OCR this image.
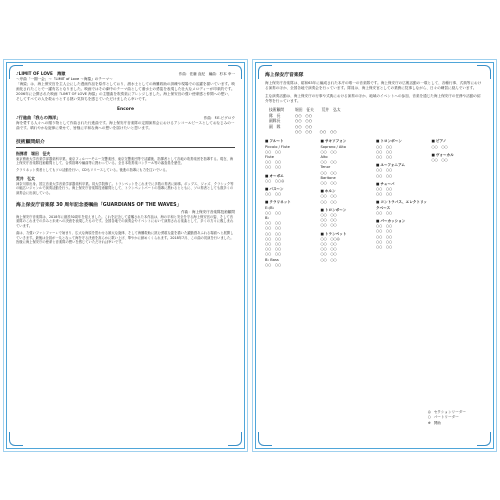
♪LIMIT OF LOVE　海猿	作曲：佐藤 直紀　編曲：杉本 幸一
～序曲「一期一会」～『LIMIT of Love ～海猿』のテーマ～
「海猿」は、海上保安官を主人公にした漫画作品を原作としており、潜水士としての海難救助の訓練や現場での活躍を描いています。映画化されたことで一躍有名となりました。映画ではその劇中のテーマ曲として潜水士の勇姿を表現した壮大なメロディーが印象的です。2006年に公開された映画『LIMIT OF LOVE 海猿』の主題曲を吹奏楽にアレンジしました。海上保安官の強い使命感と仲間への想い、そしてすべての人を救おうとする熱い気持ちを感じていただけましたら幸いです。
Encore
♪行進曲「我らの海洋」	作曲：F.E.ビグロウ
海を愛する人々への贈り物として作曲された行進曲です。海上保安庁音楽隊の定期演奏会におけるアンコールピースとしておなじみの一曲です。晴れやかな旋律に乗せて、皆様に平和な海への想いを届けたいと思います。
技術顧問紹介
指揮者　堀田　征夫
東京藝術大学音楽学部器楽科卒業。東京フィルハーモニー交響楽団、東京交響楽団等で活躍後、指揮者として各地の吹奏楽団を指導する。現在、海上保安庁音楽隊技術顧問として、合奏指導や編曲等に携わっている。全日本吹奏楽コンクール等の審査員を歴任。
クラリネット奏者としてもソロ活動を行い、CDもリリースしている。後進の指導にも力を注いでいる。
荒井　弘太
神奈川県出身。国立音楽大学音楽学部器楽科卒業。同大学院修了。トランペットをこれまでに多数の奏者に師事。ポップス、ジャズ、クラシック等の幅広いジャンルで演奏活動を行う。海上保安庁音楽隊技術顧問として、トランペットパートの指導に携わるとともに、ソロ奏者としても数多くの演奏会に出演している。
海上保安庁音楽隊 30 周年記念委嘱曲「GUARDIANS OF THE WAVES」
作曲：海上保安庁音楽隊技術顧問
海上保安庁音楽隊は、2018年に創設30周年を迎えました。これを記念して委嘱された本作品は、海の平和と安全を守る海上保安官の姿、そして音楽隊のこれまでの歩みと未来への決意を表現したものです。全国各地での演奏会やイベントにおいて演奏される楽曲として、多くの方々に親しまれています。
曲は、力強いファンファーレで始まり、広大な海原を思わせる雄大な旋律、そして海難救助に挑む勇敢な姿を描いた躍動感あふれる場面へと展開していきます。最後は全員が一丸となって海を守る決意を高らかに歌い上げ、華やかに締めくくられます。2018年7月、この曲の初演を行いました。皆様に海上保安庁の使命と音楽隊の想いを感じていただければ幸いです。
海上保安庁音楽隊
海上保安庁音楽隊は、昭和63年に編成された本庁の唯一の音楽隊です。海上保安庁の広報活動の一環として、各種行事、式典等における演奏のほか、全国各地で演奏会を行っています。隊員は、海上保安官としての業務に従事しながら、日々の練習に励んでいます。
主な演奏活動は、海上保安庁の行事や式典における演奏のほか、地域のイベントへの参加、音楽を通じた海上保安庁の任務や活動の紹介等を行っています。
技術顧問	堀田　征夫　　荒井　弘太
隊　長	○○　○○
副隊長	○○　○○
副　隊	○○　○○
○○　○○　　○○　○○
■ フルート
Piccolo / Flute
○○　○○
Flute
○○　○○
○○　○○
■ オーボエ
○○　○○◎
■ バスーン
○○　○○
■ クラリネット
E♭/B♭
○○　○○
B♭
○○　○○
○○　○○
○○　○○
○○　○○
○○　○○
○○　○○
○○　○○
B♭ Bass
○○　○○
■ サキソフォン
Soprano / Alto
○○　○○
Alto
○○　○○
Tenor
○○　○○
Baritone
○○　○○
■ ホルン
○○　○○
○○　○○
■ トロンボーン
○○　○○
○○　○○
○○　○○
■ トランペット
○○　○○◎
○○　○○
○○　○○
○○　○○
○○　○○
■ トロンボーン
○○　○○
○○　○○
○○　○○
■ ユーフォニアム
○○　○○
○○　○○
■ チューバ
○○　○○
○○　○○
■ コントラバス、エレクトリックベース
○○　○○
■ パーカッション
○○　○○
○○　○○
○○　○○
○○　○○
○○　○○
■ ピアノ
○○　○○
■ ヴォーカル
○○　○○
◎ セクションリーダー
○ パートリーダー
※ 賛助
